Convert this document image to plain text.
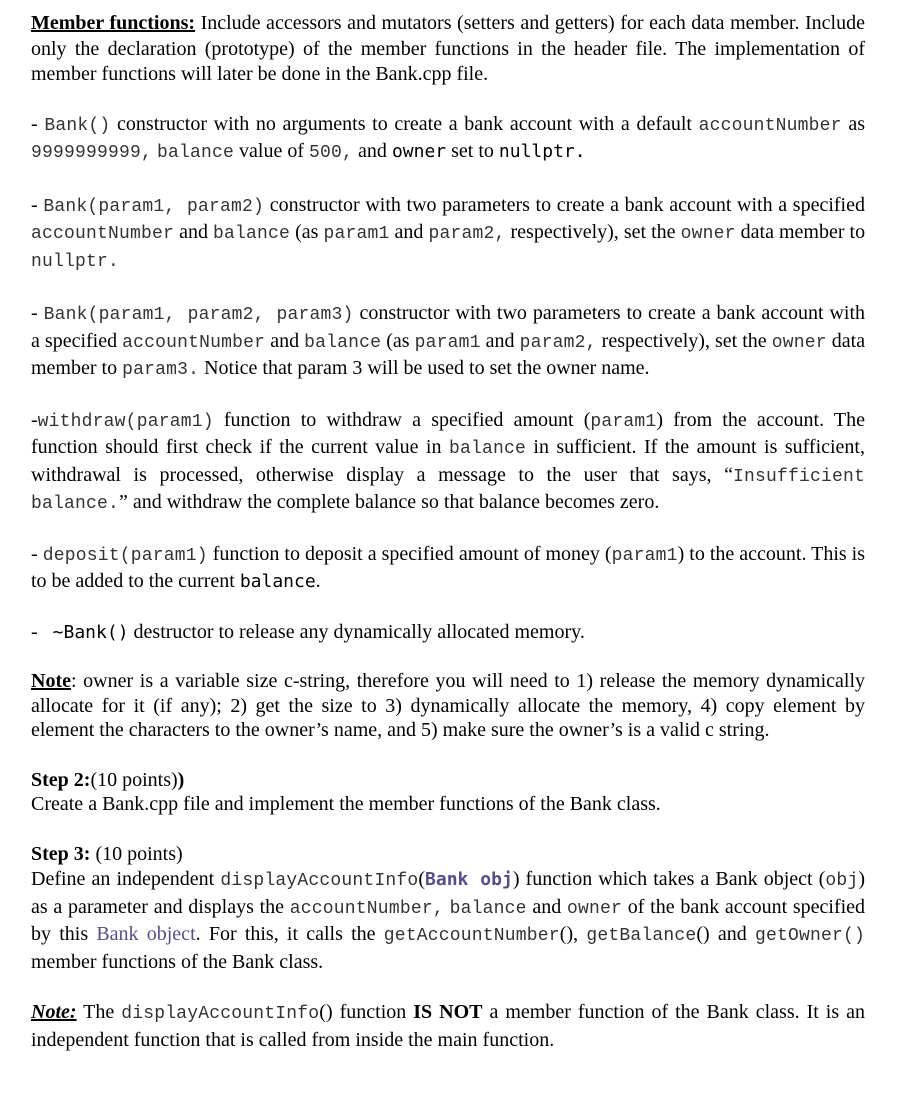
Member functions: Include accessors and mutators (setters and getters) for each data member. Include only the declaration (prototype) of the member functions in the header file. The implementation of member functions will later be done in the Bank.cpp file.

- Bank() constructor with no arguments to create a bank account with a default accountNumber as 9999999999, balance value of 500, and owner set to nullptr.

- Bank(param1, param2) constructor with two parameters to create a bank account with a specified accountNumber and balance (as param1 and param2, respectively), set the owner data member to nullptr.

- Bank(param1, param2, param3) constructor with two parameters to create a bank account with a specified accountNumber and balance (as param1 and param2, respectively), set the owner data member to param3. Notice that param 3 will be used to set the owner name.

-withdraw(param1) function to withdraw a specified amount (param1) from the account. The function should first check if the current value in balance in sufficient. If the amount is sufficient, withdrawal is processed, otherwise display a message to the user that says, “Insufficient balance.” and withdraw the complete balance so that balance becomes zero.

- deposit(param1) function to deposit a specified amount of money (param1) to the account. This is to be added to the current balance.

- ~Bank() destructor to release any dynamically allocated memory.

Note: owner is a variable size c-string, therefore you will need to 1) release the memory dynamically allocate for it (if any); 2) get the size to 3) dynamically allocate the memory, 4) copy element by element the characters to the owner’s name, and 5) make sure the owner’s is a valid c string.

Step 2:(10 points))
Create a Bank.cpp file and implement the member functions of the Bank class.

Step 3: (10 points)
Define an independent displayAccountInfo(Bank obj) function which takes a Bank object (obj) as a parameter and displays the accountNumber, balance and owner of the bank account specified by this Bank object. For this, it calls the getAccountNumber(), getBalance() and getOwner() member functions of the Bank class.

Note: The displayAccountInfo() function IS NOT a member function of the Bank class. It is an independent function that is called from inside the main function.
